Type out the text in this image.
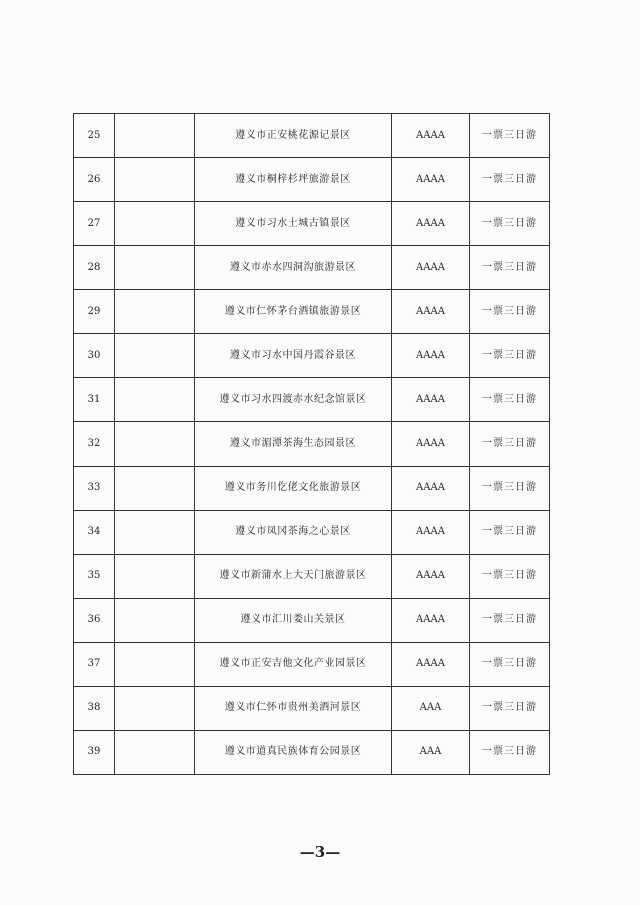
25		遵义市正安桃花源记景区	AAAA	一票三日游
26		遵义市桐梓杉坪旅游景区	AAAA	一票三日游
27		遵义市习水土城古镇景区	AAAA	一票三日游
28		遵义市赤水四洞沟旅游景区	AAAA	一票三日游
29		遵义市仁怀茅台酒镇旅游景区	AAAA	一票三日游
30		遵义市习水中国丹霞谷景区	AAAA	一票三日游
31		遵义市习水四渡赤水纪念馆景区	AAAA	一票三日游
32		遵义市湄潭茶海生态园景区	AAAA	一票三日游
33		遵义市务川仡佬文化旅游景区	AAAA	一票三日游
34		遵义市凤冈茶海之心景区	AAAA	一票三日游
35		遵义市新蒲水上大天门旅游景区	AAAA	一票三日游
36		遵义市汇川娄山关景区	AAAA	一票三日游
37		遵义市正安吉他文化产业园景区	AAAA	一票三日游
38		遵义市仁怀市贵州美酒河景区	AAA	一票三日游
39		遵义市道真民族体育公园景区	AAA	一票三日游
—3—
